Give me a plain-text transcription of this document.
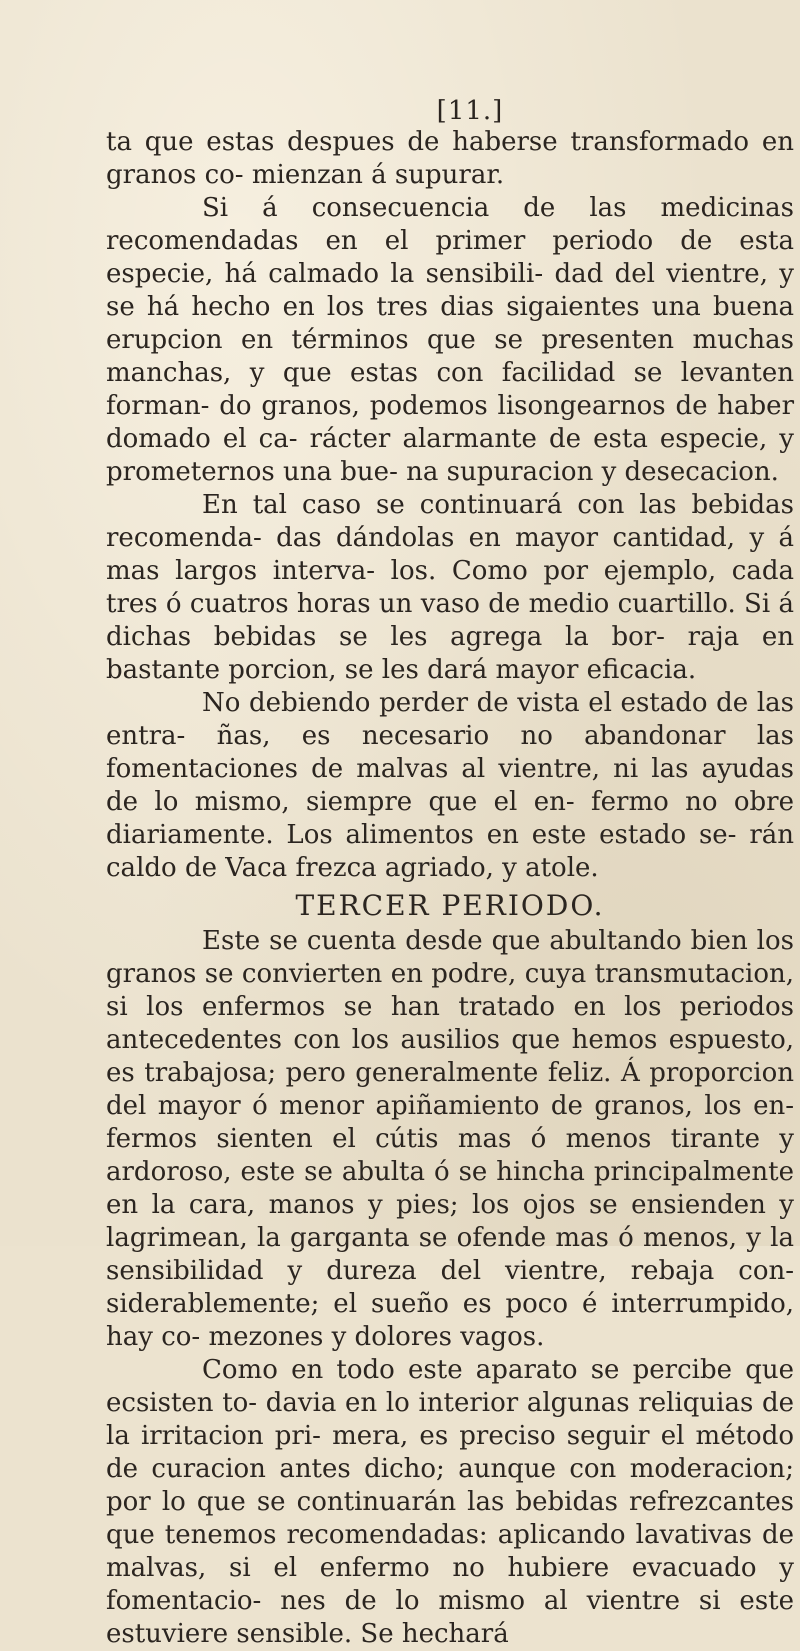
[11.]

ta que estas despues de haberse transformado en granos co- mienzan á supurar.

Si á consecuencia de las medicinas recomendadas en el primer periodo de esta especie, há calmado la sensibili- dad del vientre, y se há hecho en los tres dias sigaientes una buena erupcion en términos que se presenten muchas manchas, y que estas con facilidad se levanten forman- do granos, podemos lisongearnos de haber domado el ca- rácter alarmante de esta especie, y prometernos una bue- na supuracion y desecacion.

En tal caso se continuará con las bebidas recomenda- das dándolas en mayor cantidad, y á mas largos interva- los. Como por ejemplo, cada tres ó cuatros horas un vaso de medio cuartillo. Si á dichas bebidas se les agrega la bor- raja en bastante porcion, se les dará mayor eficacia.

No debiendo perder de vista el estado de las entra- ñas, es necesario no abandonar las fomentaciones de malvas al vientre, ni las ayudas de lo mismo, siempre que el en- fermo no obre diariamente. Los alimentos en este estado se- rán caldo de Vaca frezca agriado, y atole.

TERCER PERIODO.

Este se cuenta desde que abultando bien los granos se convierten en podre, cuya transmutacion, si los enfermos se han tratado en los periodos antecedentes con los ausilios que hemos espuesto, es trabajosa; pero generalmente feliz. Á proporcion del mayor ó menor apiñamiento de granos, los en- fermos sienten el cútis mas ó menos tirante y ardoroso, este se abulta ó se hincha principalmente en la cara, manos y pies; los ojos se ensienden y lagrimean, la garganta se ofende mas ó menos, y la sensibilidad y dureza del vientre, rebaja con- siderablemente; el sueño es poco é interrumpido, hay co- mezones y dolores vagos.

Como en todo este aparato se percibe que ecsisten to- davia en lo interior algunas reliquias de la irritacion pri- mera, es preciso seguir el método de curacion antes dicho; aunque con moderacion; por lo que se continuarán las bebidas refrezcantes que tenemos recomendadas: aplicando lavativas de malvas, si el enfermo no hubiere evacuado y fomentacio- nes de lo mismo al vientre si este estuviere sensible. Se hechará
